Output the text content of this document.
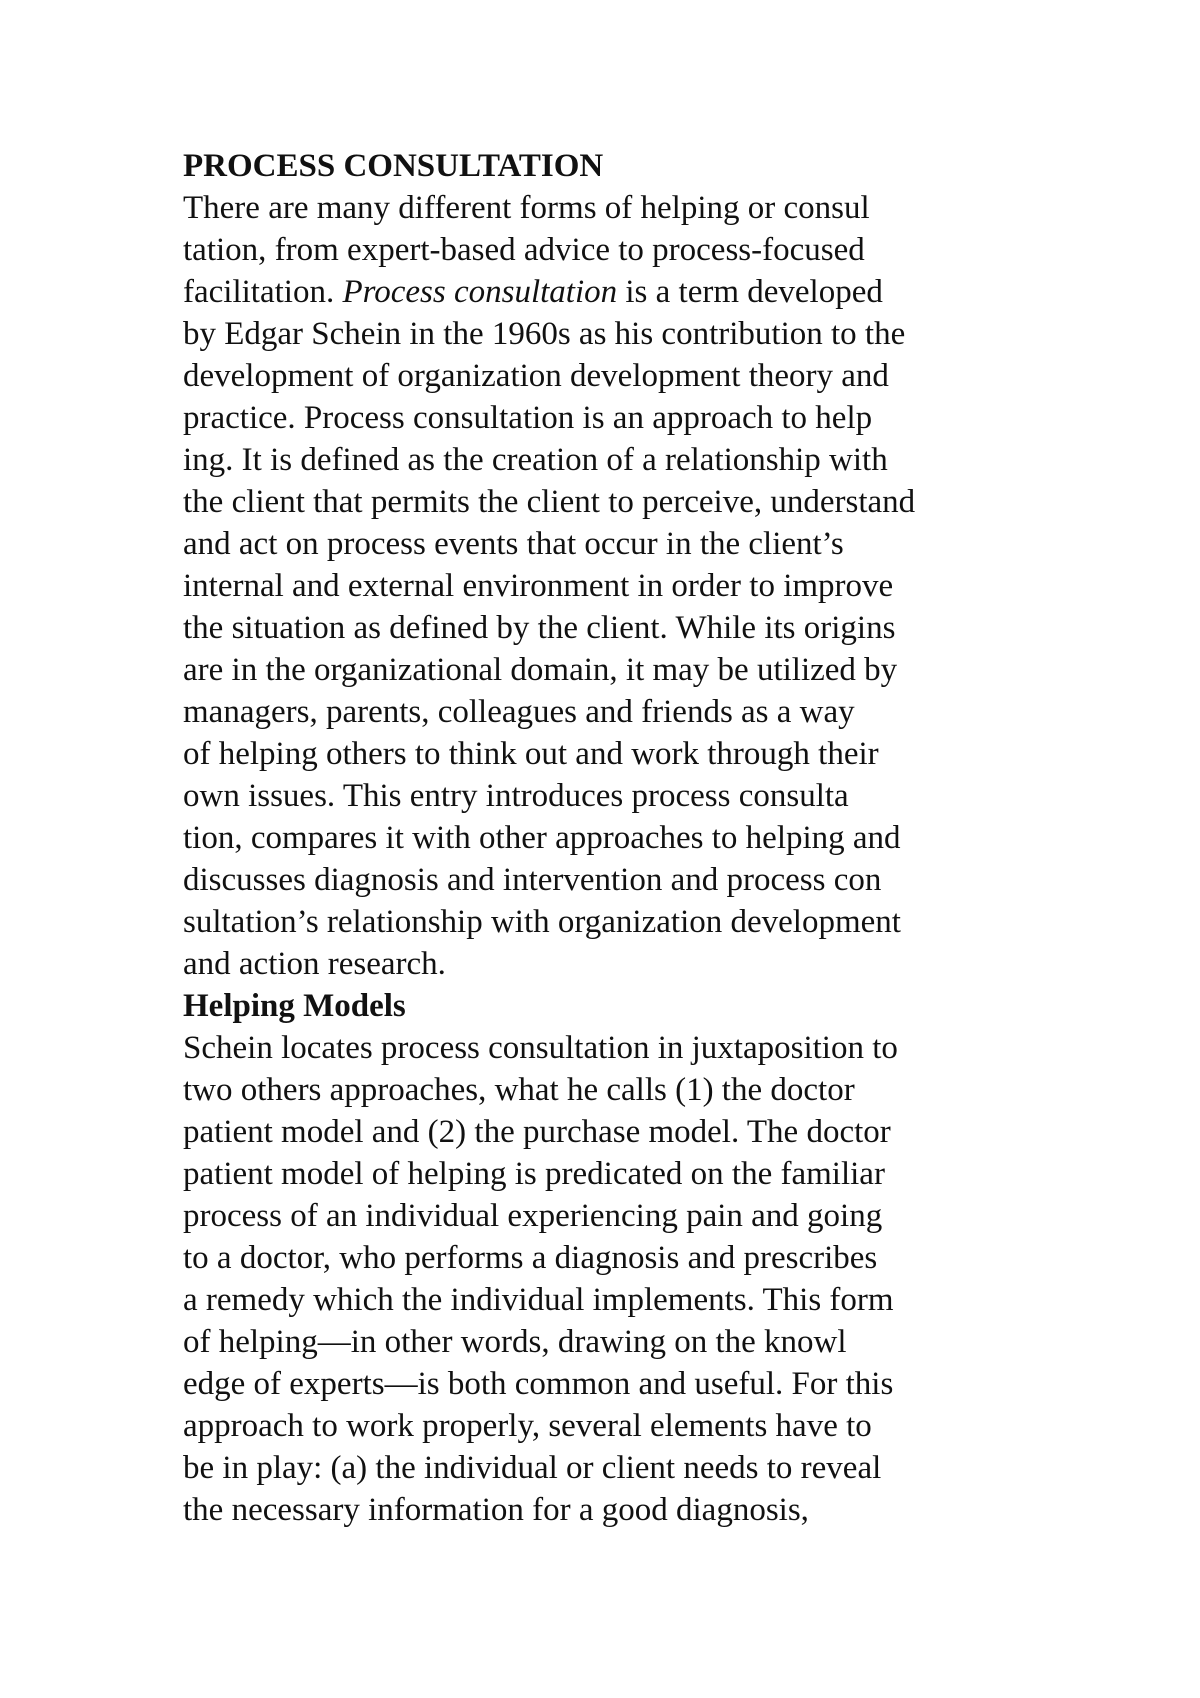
PROCESS CONSULTATION
There are many different forms of helping or consul
tation, from expert-based advice to process-focused
facilitation. Process consultation is a term developed
by Edgar Schein in the 1960s as his contribution to the
development of organization development theory and
practice. Process consultation is an approach to help
ing. It is defined as the creation of a relationship with
the client that permits the client to perceive, understand
and act on process events that occur in the client’s
internal and external environment in order to improve
the situation as defined by the client. While its origins
are in the organizational domain, it may be utilized by
managers, parents, colleagues and friends as a way
of helping others to think out and work through their
own issues. This entry introduces process consulta
tion, compares it with other approaches to helping and
discusses diagnosis and intervention and process con
sultation’s relationship with organization development
and action research.
Helping Models
Schein locates process consultation in juxtaposition to
two others approaches, what he calls (1) the doctor
patient model and (2) the purchase model. The doctor
patient model of helping is predicated on the familiar
process of an individual experiencing pain and going
to a doctor, who performs a diagnosis and prescribes
a remedy which the individual implements. This form
of helping—in other words, drawing on the knowl
edge of experts—is both common and useful. For this
approach to work properly, several elements have to
be in play: (a) the individual or client needs to reveal
the necessary information for a good diagnosis,
